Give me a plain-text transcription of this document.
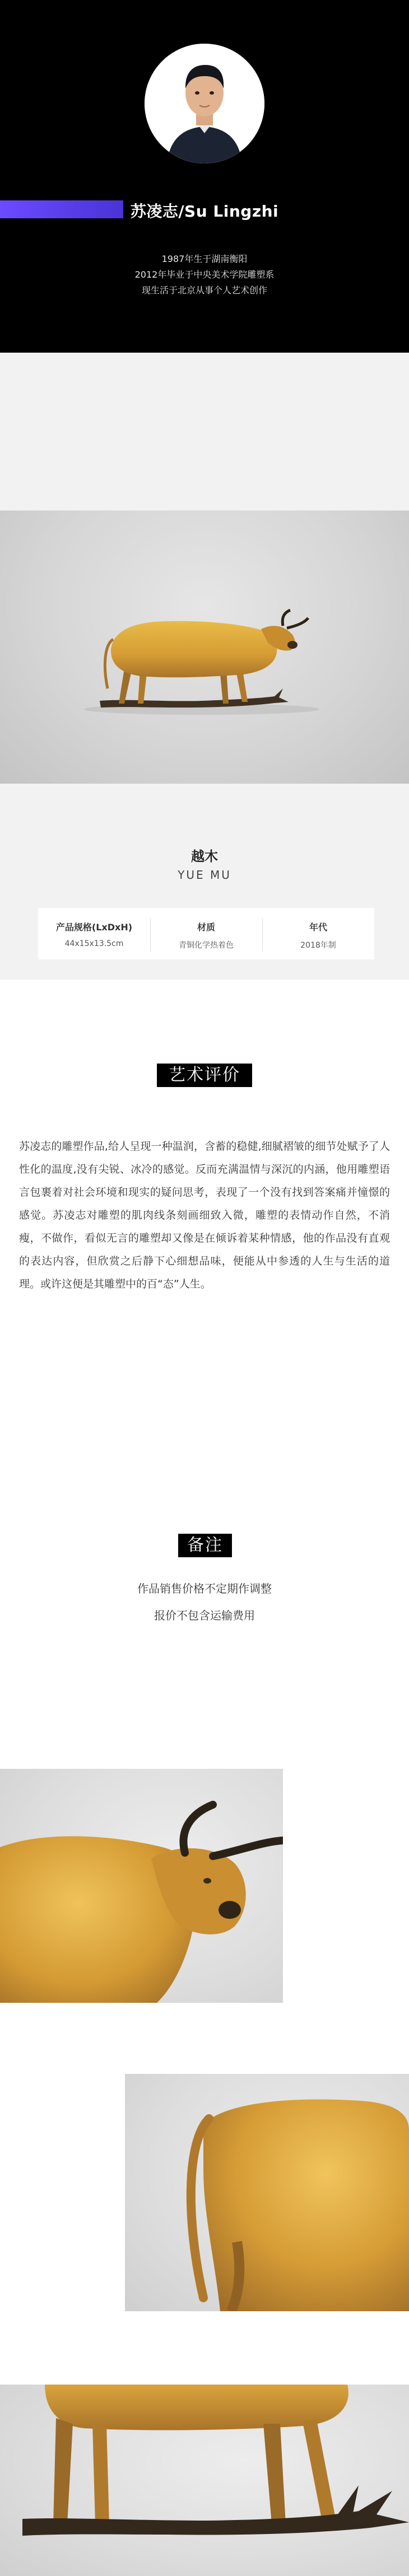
苏凌志/Su Lingzhi
1987年生于湖南衡阳
2012年毕业于中央美术学院雕塑系
现生活于北京从事个人艺术创作
越木
YUE MU
产品规格(LxDxH)
44x15x13.5cm
材质
青铜化学热着色
年代
2018年制
艺术评价
苏凌志的雕塑作品,给人呈现一种温润，含蓄的稳健,细腻褶皱的细节处赋予了人性化的温度,没有尖锐、冰冷的感觉。反而充满温情与深沉的内涵，他用雕塑语言包裹着对社会环境和现实的疑问思考，表现了一个没有找到答案痛并憧憬的感觉。苏凌志对雕塑的肌肉线条刻画细致入微，雕塑的表情动作自然，不消瘦，不做作，看似无言的雕塑却又像是在倾诉着某种情感，他的作品没有直观的表达内容，但欣赏之后静下心细想品味，便能从中参透的人生与生活的道理。或许这便是其雕塑中的百“态”人生。
备注
作品销售价格不定期作调整
报价不包含运输费用
